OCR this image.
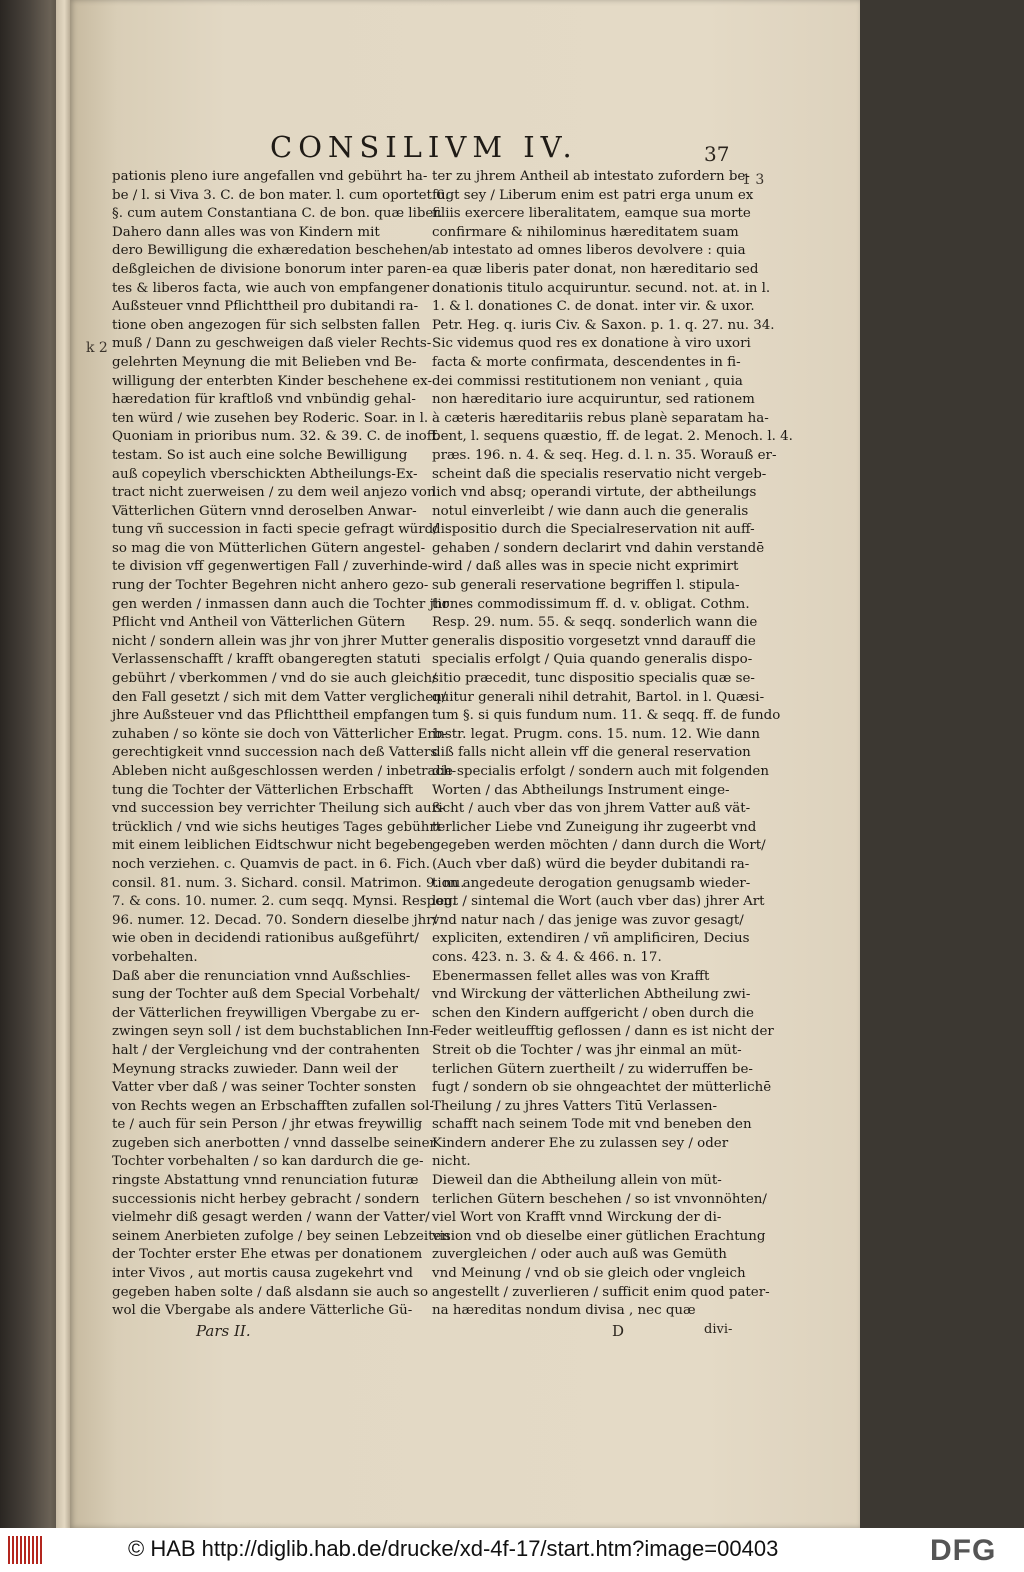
CONSILIVM IV.	37
1 3
k 2
pationis pleno iure angefallen vnd gebührt ha-
be / l. si Viva 3. C. de bon mater. l. cum oportet 6.
§. cum autem Constantiana C. de bon. quæ liber.
Dahero dann alles was von Kindern mit
dero Bewilligung die exhæredation beschehen/
deßgleichen de divisione bonorum inter paren-
tes & liberos facta, wie auch von empfangener
Außsteuer vnnd Pflichttheil pro dubitandi ra-
tione oben angezogen für sich selbsten fallen
muß / Dann zu geschweigen daß vieler Rechts-
gelehrten Meynung die mit Belieben vnd Be-
willigung der enterbten Kinder beschehene ex-
hæredation für kraftloß vnd vnbündig gehal-
ten würd / wie zusehen bey Roderic. Soar. in l.
Quoniam in prioribus num. 32. & 39. C. de inoff.
testam. So ist auch eine solche Bewilligung
auß copeylich vberschickten Abtheilungs-Ex-
tract nicht zuerweisen / zu dem weil anjezo von
Vätterlichen Gütern vnnd deroselben Anwar-
tung vñ succession in facti specie gefragt würd/
so mag die von Mütterlichen Gütern angestel-
te division vff gegenwertigen Fall / zuverhinde-
rung der Tochter Begehren nicht anhero gezo-
gen werden / inmassen dann auch die Tochter jhr
Pflicht vnd Antheil von Vätterlichen Gütern
nicht / sondern allein was jhr von jhrer Mutter
Verlassenschafft / krafft obangeregten statuti
gebührt / vberkommen / vnd do sie auch gleich/
den Fall gesetzt / sich mit dem Vatter verglichen/
jhre Außsteuer vnd das Pflichttheil empfangen
zuhaben / so könte sie doch von Vätterlicher Erb-
gerechtigkeit vnnd succession nach deß Vatters
Ableben nicht außgeschlossen werden / inbetrach-
tung die Tochter der Vätterlichen Erbschafft
vnd succession bey verrichter Theilung sich auß-
trücklich / vnd wie sichs heutiges Tages gebührt
mit einem leiblichen Eidtschwur nicht begeben
noch verziehen. c. Quamvis de pact. in 6. Fich.
consil. 81. num. 3. Sichard. consil. Matrimon. 9. nu.
7. & cons. 10. numer. 2. cum seqq. Mynsi. Respon.
96. numer. 12. Decad. 70. Sondern dieselbe jhr/
wie oben in decidendi rationibus außgeführt/
vorbehalten.
Daß aber die renunciation vnnd Außschlies-
sung der Tochter auß dem Special Vorbehalt/
der Vätterlichen freywilligen Vbergabe zu er-
zwingen seyn soll / ist dem buchstablichen Inn-
halt / der Vergleichung vnd der contrahenten
Meynung stracks zuwieder. Dann weil der
Vatter vber daß / was seiner Tochter sonsten
von Rechts wegen an Erbschafften zufallen sol-
te / auch für sein Person / jhr etwas freywillig
zugeben sich anerbotten / vnnd dasselbe seiner
Tochter vorbehalten / so kan dardurch die ge-
ringste Abstattung vnnd renunciation futuræ
successionis nicht herbey gebracht / sondern
vielmehr diß gesagt werden / wann der Vatter/
seinem Anerbieten zufolge / bey seinen Lebzeiten
der Tochter erster Ehe etwas per donationem
inter Vivos , aut mortis causa zugekehrt vnd
gegeben haben solte / daß alsdann sie auch so
wol die Vbergabe als andere Vätterliche Gü-
ter zu jhrem Antheil ab intestato zufordern be-
fugt sey / Liberum enim est patri erga unum ex
filiis exercere liberalitatem, eamque sua morte
confirmare & nihilominus hæreditatem suam
ab intestato ad omnes liberos devolvere : quia
ea quæ liberis pater donat, non hæreditario sed
donationis titulo acquiruntur. secund. not. at. in l.
1. & l. donationes C. de donat. inter vir. & uxor.
Petr. Heg. q. iuris Civ. & Saxon. p. 1. q. 27. nu. 34.
Sic videmus quod res ex donatione à viro uxori
facta & morte confirmata, descendentes in fi-
dei commissi restitutionem non veniant , quia
non hæreditario iure acquiruntur, sed rationem
à cæteris hæreditariis rebus planè separatam ha-
bent, l. sequens quæstio, ff. de legat. 2. Menoch. l. 4.
præs. 196. n. 4. & seq. Heg. d. l. n. 35. Worauß er-
scheint daß die specialis reservatio nicht vergeb-
lich vnd absq; operandi virtute, der abtheilungs
notul einverleibt / wie dann auch die generalis
dispositio durch die Specialreservation nit auff-
gehaben / sondern declarirt vnd dahin verstandē
wird / daß alles was in specie nicht exprimirt
sub generali reservatione begriffen l. stipula-
tiones commodissimum ff. d. v. obligat. Cothm.
Resp. 29. num. 55. & seqq. sonderlich wann die
generalis dispositio vorgesetzt vnnd darauff die
specialis erfolgt / Quia quando generalis dispo-
sitio præcedit, tunc dispositio specialis quæ se-
quitur generali nihil detrahit, Bartol. in l. Quæsi-
tum §. si quis fundum num. 11. & seqq. ff. de fundo
instr. legat. Prugm. cons. 15. num. 12. Wie dann
diß falls nicht allein vff die general reservation
die specialis erfolgt / sondern auch mit folgenden
Worten / das Abtheilungs Instrument einge-
richt / auch vber das von jhrem Vatter auß vät-
terlicher Liebe vnd Zuneigung ihr zugeerbt vnd
gegeben werden möchten / dann durch die Wort/
(Auch vber daß) würd die beyder dubitandi ra-
tion angedeute derogation genugsamb wieder-
legt / sintemal die Wort (auch vber das) jhrer Art
vnd natur nach / das jenige was zuvor gesagt/
expliciten, extendiren / vñ amplificiren, Decius
cons. 423. n. 3. & 4. & 466. n. 17.
Ebenermassen fellet alles was von Krafft
vnd Wirckung der vätterlichen Abtheilung zwi-
schen den Kindern auffgericht / oben durch die
Feder weitleufftig geflossen / dann es ist nicht der
Streit ob die Tochter / was jhr einmal an müt-
terlichen Gütern zuertheilt / zu widerruffen be-
fugt / sondern ob sie ohngeachtet der mütterlichē
Theilung / zu jhres Vatters Titū Verlassen-
schafft nach seinem Tode mit vnd beneben den
Kindern anderer Ehe zu zulassen sey / oder
nicht.
Dieweil dan die Abtheilung allein von müt-
terlichen Gütern beschehen / so ist vnvonnöhten/
viel Wort von Krafft vnnd Wirckung der di-
vision vnd ob dieselbe einer gütlichen Erachtung
zuvergleichen / oder auch auß was Gemüth
vnd Meinung / vnd ob sie gleich oder vngleich
angestellt / zuverlieren / sufficit enim quod pater-
na hæreditas nondum divisa , nec quæ
Pars II.	D	divi-
© HAB http://diglib.hab.de/drucke/xd-4f-17/start.htm?image=00403	DFG
